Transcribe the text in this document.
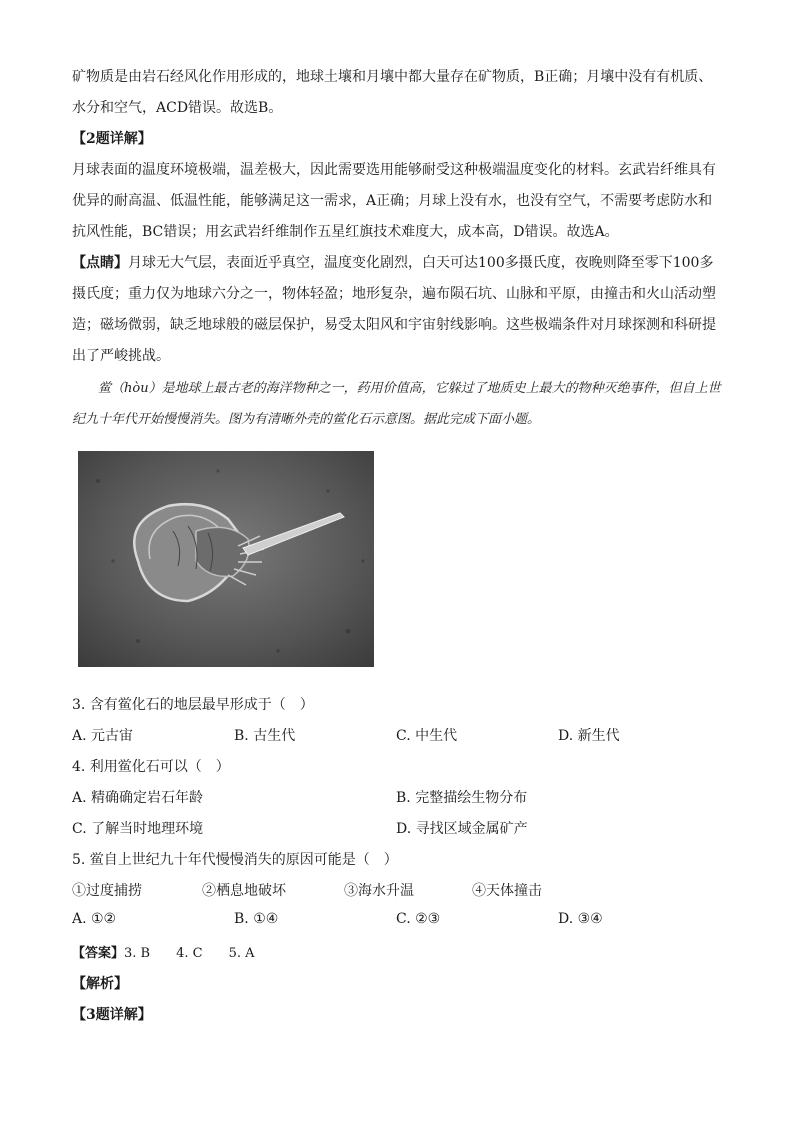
矿物质是由岩石经风化作用形成的，地球土壤和月壤中都大量存在矿物质，B正确；月壤中没有有机质、水分和空气，ACD错误。故选B。

【2题详解】

月球表面的温度环境极端，温差极大，因此需要选用能够耐受这种极端温度变化的材料。玄武岩纤维具有优异的耐高温、低温性能，能够满足这一需求，A正确；月球上没有水，也没有空气，不需要考虑防水和抗风性能，BC错误；用玄武岩纤维制作五星红旗技术难度大，成本高，D错误。故选A。

【点睛】月球无大气层，表面近乎真空，温度变化剧烈，白天可达100多摄氏度，夜晚则降至零下100多摄氏度；重力仅为地球六分之一，物体轻盈；地形复杂，遍布陨石坑、山脉和平原，由撞击和火山活动塑造；磁场微弱，缺乏地球般的磁层保护，易受太阳风和宇宙射线影响。这些极端条件对月球探测和科研提出了严峻挑战。

鲎（hòu）是地球上最古老的海洋物种之一，药用价值高，它躲过了地质史上最大的物种灭绝事件，但自上世纪九十年代开始慢慢消失。图为有清晰外壳的鲎化石示意图。据此完成下面小题。

3. 含有鲎化石的地层最早形成于（　）
A. 元古宙	B. 古生代	C. 中生代	D. 新生代
4. 利用鲎化石可以（　）
A. 精确确定岩石年龄	B. 完整描绘生物分布
C. 了解当时地理环境	D. 寻找区域金属矿产
5. 鲎自上世纪九十年代慢慢消失的原因可能是（　）
①过度捕捞	②栖息地破坏	③海水升温	④天体撞击
A. ①②	B. ①④	C. ②③	D. ③④
【答案】3. B 4. C 5. A
【解析】
【3题详解】
